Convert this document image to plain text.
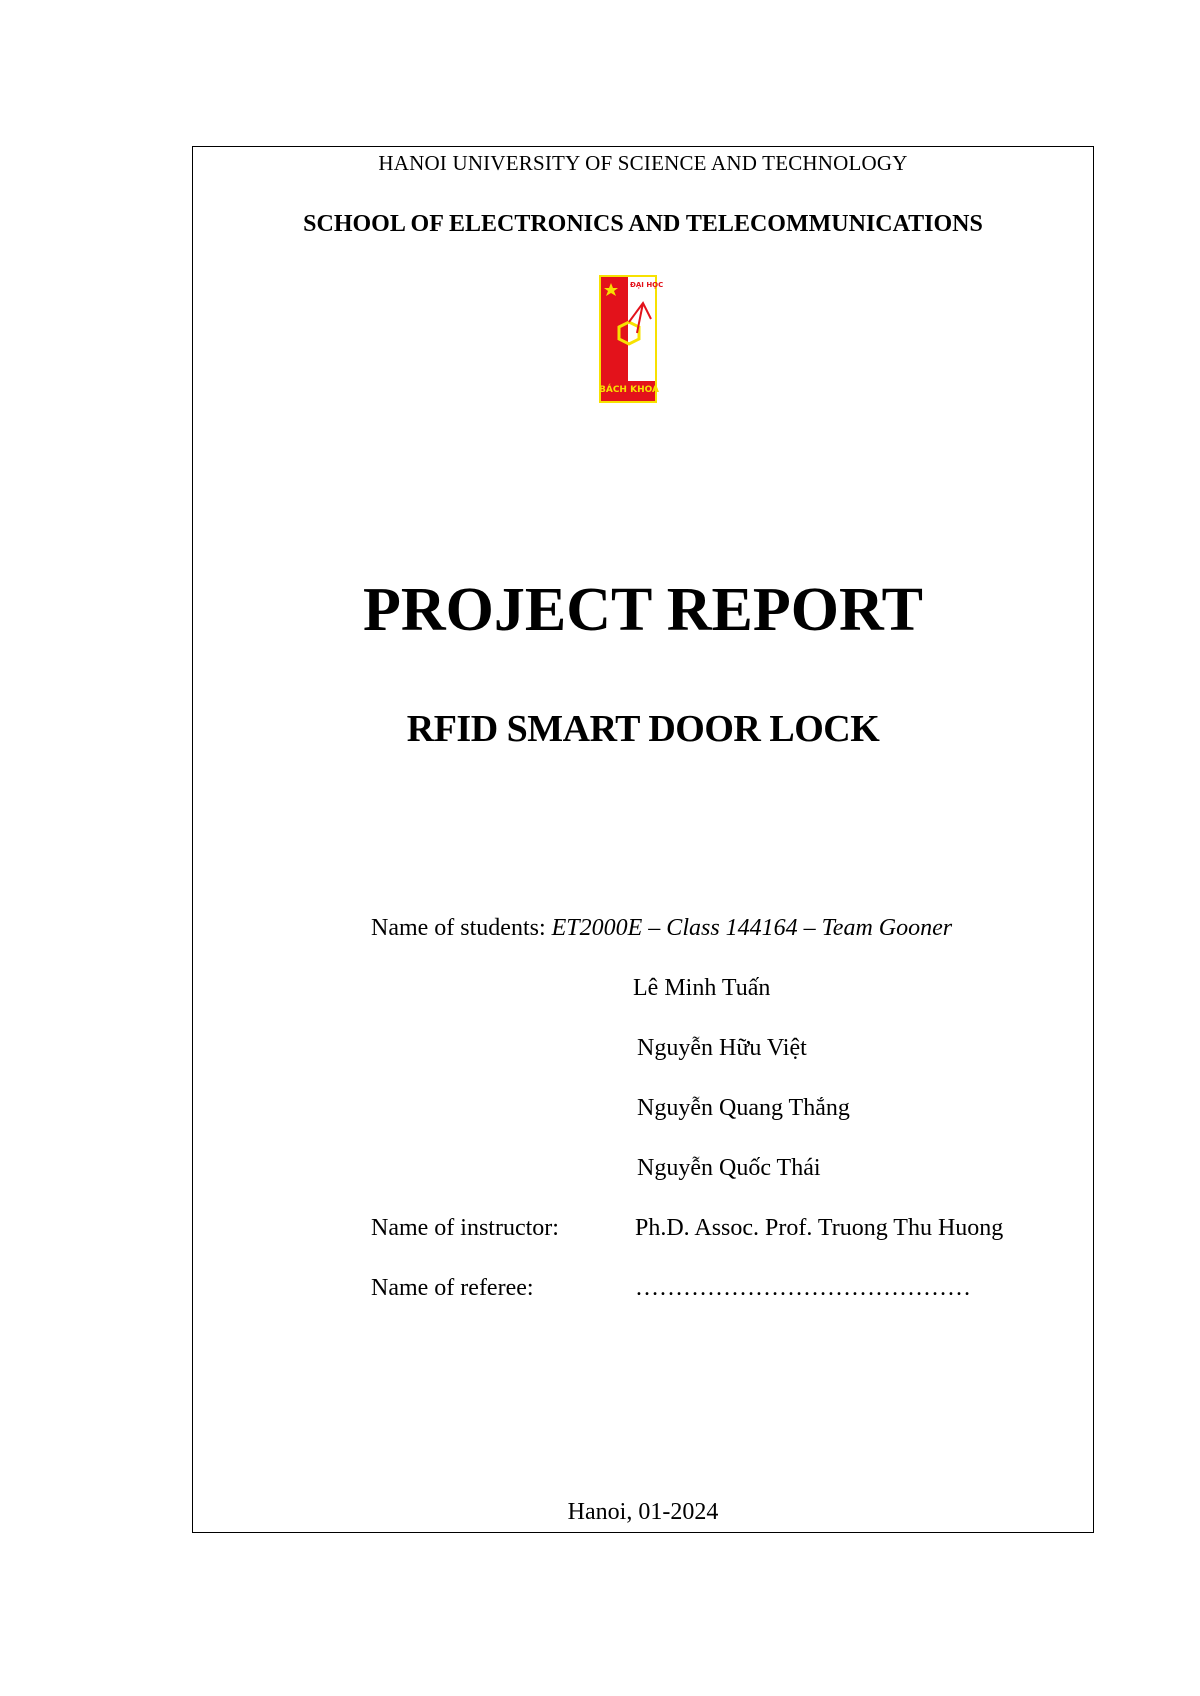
HANOI UNIVERSITY OF SCIENCE AND TECHNOLOGY
SCHOOL OF ELECTRONICS AND TELECOMMUNICATIONS
ĐẠI HỌC
BÁCH KHOA
PROJECT REPORT
RFID SMART DOOR LOCK
Name of students: ET2000E – Class 144164 – Team Gooner
Lê Minh Tuấn
Nguyễn Hữu Việt
Nguyễn Quang Thắng
Nguyễn Quốc Thái
Name of instructor:	Ph.D. Assoc. Prof. Truong Thu Huong
Name of referee:	……………………………………
Hanoi, 01-2024
